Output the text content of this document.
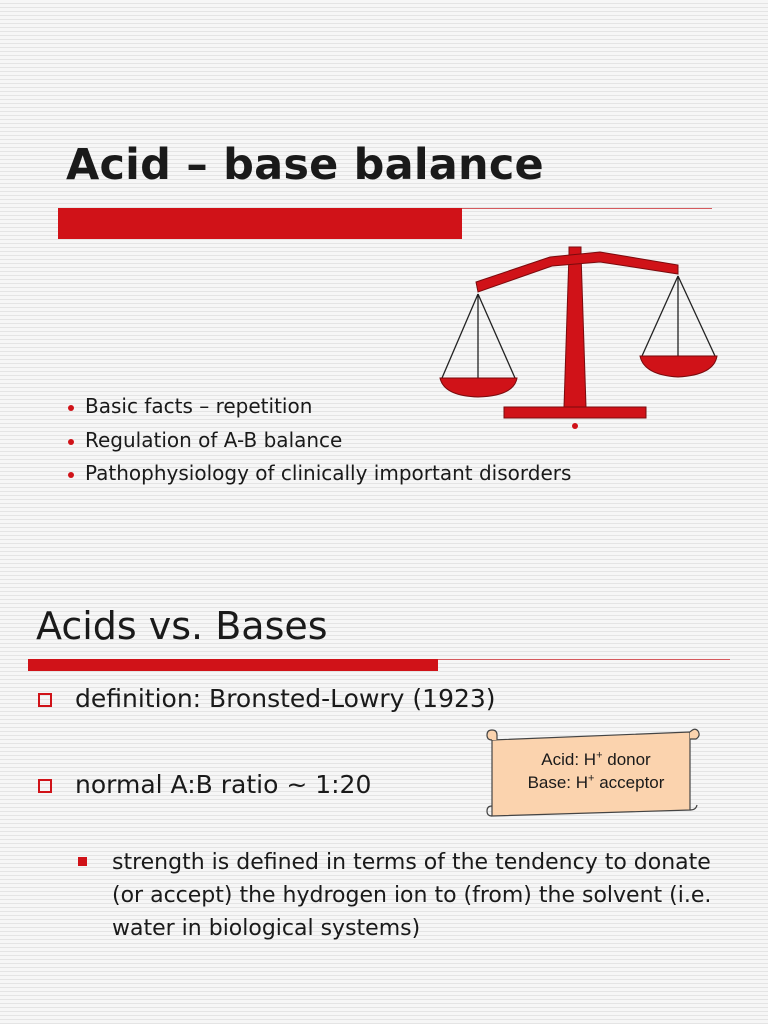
Acid – base balance
Basic facts – repetition
Regulation of A-B balance
Pathophysiology of clinically important disorders
Acids vs. Bases
definition: Bronsted-Lowry (1923)
normal A:B ratio ~ 1:20
strength is defined in terms of the tendency to donate (or accept) the hydrogen ion to (from) the solvent (i.e. water in biological systems)
Acid: H+ donor
Base: H+ acceptor
